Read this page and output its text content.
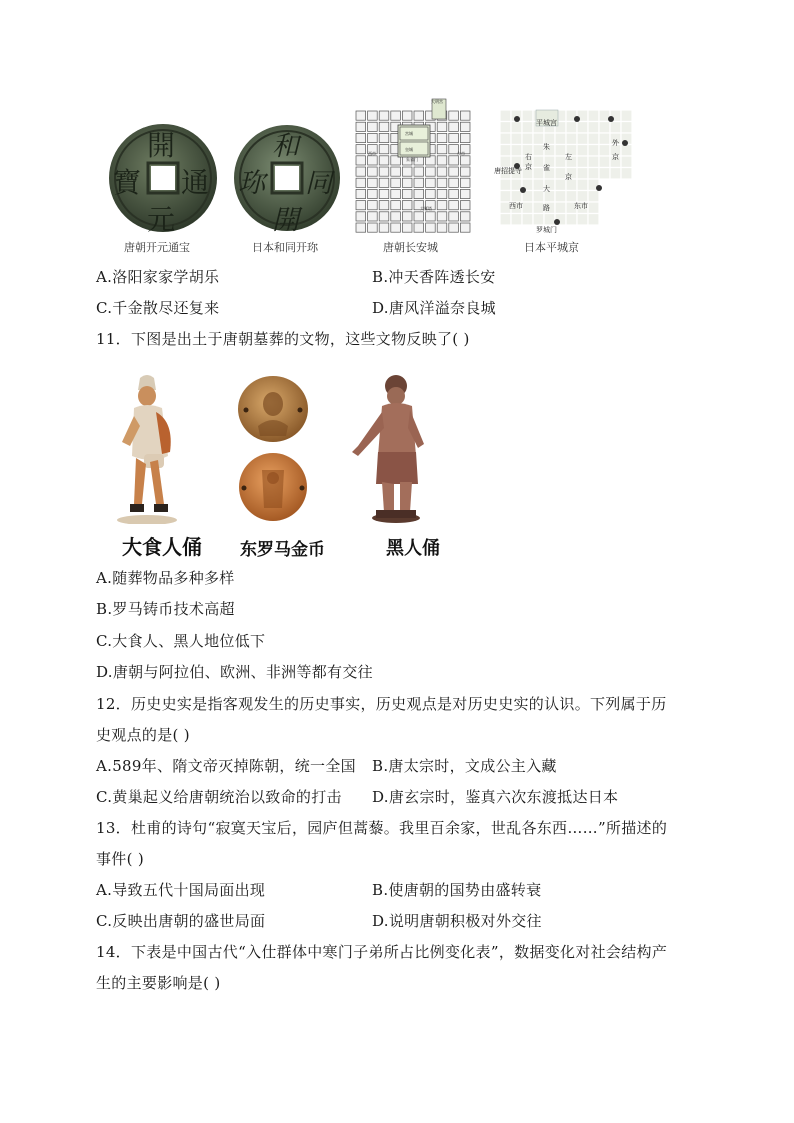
開
元
通
寶
和
同
開
珎
大明宫
宫城
皇城
朱雀门
大雁塔
东市
西市
平城宫
朱
右	左
雀
京
唐招提寺
京
外
京
大
路
西市	东市
罗城门
唐朝开元通宝	日本和同开珎	唐朝长安城	日本平城京
A.洛阳家家学胡乐	B.冲天香阵透长安
C.千金散尽还复来	D.唐风洋溢奈良城
11．下图是出土于唐朝墓葬的文物，这些文物反映了( )
大食人俑 东罗马金币	黑人俑
A.随葬物品多种多样
B.罗马铸币技术高超
C.大食人、黑人地位低下
D.唐朝与阿拉伯、欧洲、非洲等都有交往
12．历史史实是指客观发生的历史事实，历史观点是对历史史实的认识。下列属于历
史观点的是( )
A.589年、隋文帝灭掉陈朝，统一全国 B.唐太宗时，文成公主入藏
C.黄巢起义给唐朝统治以致命的打击 D.唐玄宗时，鉴真六次东渡抵达日本
13．杜甫的诗句“寂寞天宝后，园庐但蒿藜。我里百余家，世乱各东西……”所描述的
事件( )
A.导致五代十国局面出现	B.使唐朝的国势由盛转衰
C.反映出唐朝的盛世局面	D.说明唐朝积极对外交往
14．下表是中国古代“入仕群体中寒门子弟所占比例变化表”，数据变化对社会结构产
生的主要影响是( )
